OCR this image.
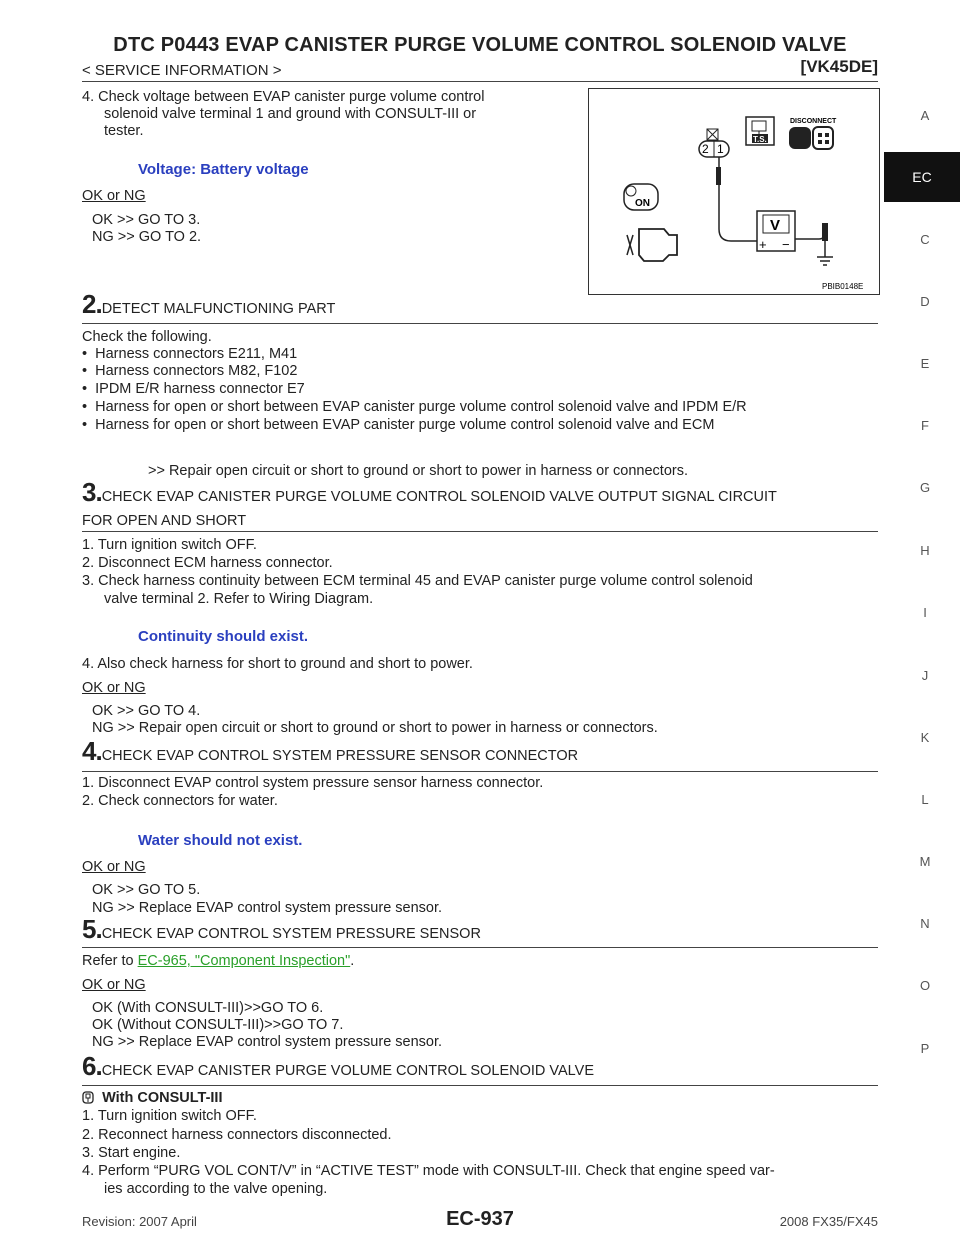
DTC P0443 EVAP CANISTER PURGE VOLUME CONTROL SOLENOID VALVE
< SERVICE INFORMATION >	[VK45DE]
A
EC
C
D
E
F
G
H
I
J
K
L
M
N
O
P
2 1
V
+ −
T.S.
DISCONNECT
ON
PBIB0148E
4. Check voltage between EVAP canister purge volume control
solenoid valve terminal 1 and ground with CONSULT-III or
tester.
Voltage: Battery voltage
OK or NG
OK >> GO TO 3.
NG >> GO TO 2.
2.DETECT MALFUNCTIONING PART
Check the following.
•  Harness connectors E211, M41
•  Harness connectors M82, F102
•  IPDM E/R harness connector E7
•  Harness for open or short between EVAP canister purge volume control solenoid valve and IPDM E/R
•  Harness for open or short between EVAP canister purge volume control solenoid valve and ECM
>> Repair open circuit or short to ground or short to power in harness or connectors.
3.CHECK EVAP CANISTER PURGE VOLUME CONTROL SOLENOID VALVE OUTPUT SIGNAL CIRCUIT
FOR OPEN AND SHORT
1. Turn ignition switch OFF.
2. Disconnect ECM harness connector.
3. Check harness continuity between ECM terminal 45 and EVAP canister purge volume control solenoid
valve terminal 2. Refer to Wiring Diagram.
Continuity should exist.
4. Also check harness for short to ground and short to power.
OK or NG
OK >> GO TO 4.
NG >> Repair open circuit or short to ground or short to power in harness or connectors.
4.CHECK EVAP CONTROL SYSTEM PRESSURE SENSOR CONNECTOR
1. Disconnect EVAP control system pressure sensor harness connector.
2. Check connectors for water.
Water should not exist.
OK or NG
OK >> GO TO 5.
NG >> Replace EVAP control system pressure sensor.
5.CHECK EVAP CONTROL SYSTEM PRESSURE SENSOR
Refer to EC-965, "Component Inspection".
OK or NG
OK (With CONSULT-III)>>GO TO 6.
OK (Without CONSULT-III)>>GO TO 7.
NG >> Replace EVAP control system pressure sensor.
6.CHECK EVAP CANISTER PURGE VOLUME CONTROL SOLENOID VALVE
With CONSULT-III
1. Turn ignition switch OFF.
2. Reconnect harness connectors disconnected.
3. Start engine.
4. Perform “PURG VOL CONT/V” in “ACTIVE TEST” mode with CONSULT-III. Check that engine speed var-
ies according to the valve opening.
Revision: 2007 April	EC-937	2008 FX35/FX45
